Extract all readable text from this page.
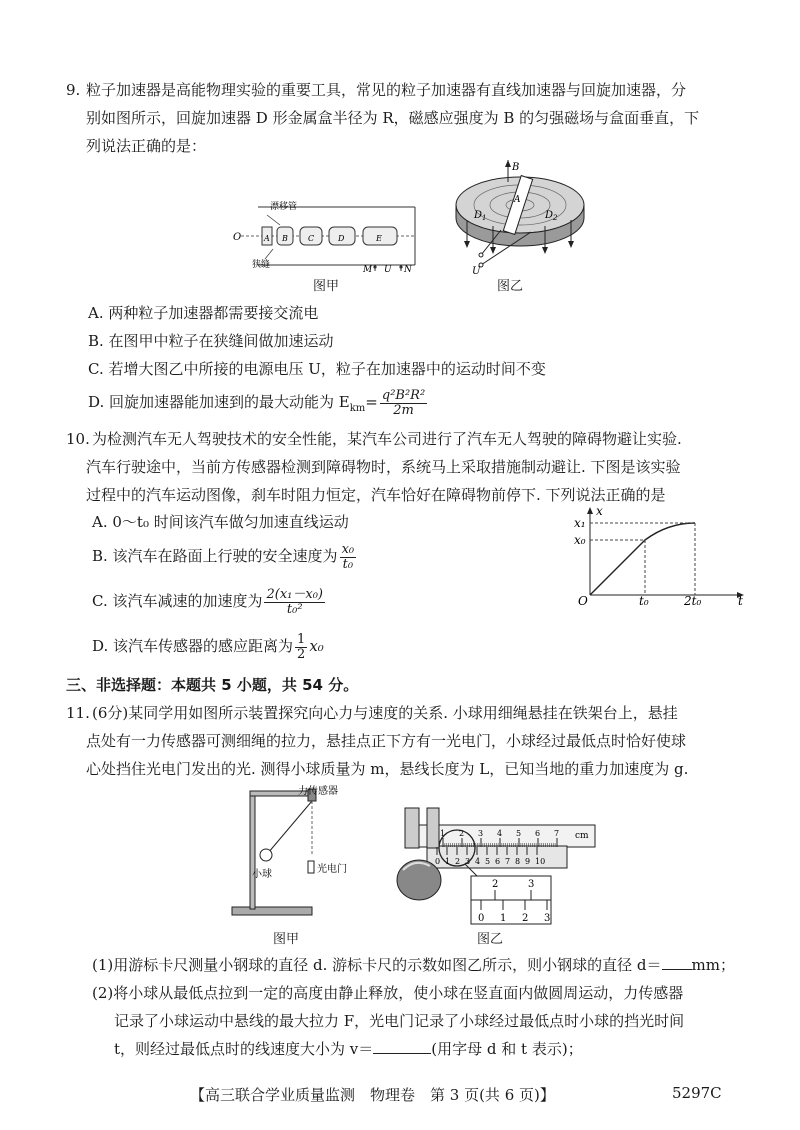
9. 粒子加速器是高能物理实验的重要工具，常见的粒子加速器有直线加速器与回旋加速器，分
别如图所示，回旋加速器 D 形金属盒半径为 R，磁感应强度为 B 的匀强磁场与盒面垂直，下
列说法正确的是：
漂移管
狭缝
O	A B	C	D	E
M U N
图甲
B
A
$D_1$	$D_2$
U
图乙
A. 两种粒子加速器都需要接交流电
B. 在图甲中粒子在狭缝间做加速运动
C. 若增大图乙中所接的电源电压 U，粒子在加速器中的运动时间不变
D. 回旋加速器能加速到的最大动能为 $E_{km}= \frac{\text{q²B²R²}}{2m}$
10. 为检测汽车无人驾驶技术的安全性能，某汽车公司进行了汽车无人驾驶的障碍物避让实验.
汽车行驶途中，当前方传感器检测到障碍物时，系统马上采取措施制动避让. 下图是该实验
过程中的汽车运动图像，刹车时阻力恒定，汽车恰好在障碍物前停下. 下列说法正确的是
A. 0～t₀ 时间该汽车做匀加速直线运动
B. 该汽车在路面上行驶的安全速度为 $\frac{\text{x₀}}{\text{t₀}}$
C. 该汽车减速的加速度为 $\frac{\text{2(x₁－x₀)}}{\text{t₀²}}$
D. 该汽车传感器的感应距离为 $\frac{1}{2} x_0$
x
x₁
x₀
O	t₀	2t₀	t
三、非选择题：本题共 5 小题，共 54 分。
11. (6分)某同学用如图所示装置探究向心力与速度的关系. 小球用细绳悬挂在铁架台上，悬挂
点处有一力传感器可测细绳的拉力，悬挂点正下方有一光电门，小球经过最低点时恰好使球
心处挡住光电门发出的光. 测得小球质量为 m，悬线长度为 L，已知当地的重力加速度为 g.
力传感器
小球	光电门
图甲
cm
1 2 3 4 5 6 7
0 1 2 3 4 5 6 7 8 9 10
2	3
0 1 2 3
图乙
(1)用游标卡尺测量小钢球的直径 d. 游标卡尺的示数如图乙所示，则小钢球的直径 d＝ mm；
(2)将小球从最低点拉到一定的高度由静止释放，使小球在竖直面内做圆周运动，力传感器
记录了小球运动中悬线的最大拉力 F，光电门记录了小球经过最低点时小球的挡光时间
t，则经过最低点时的线速度大小为 v＝	(用字母 d 和 t 表示)；
【高三联合学业质量监测　物理卷　第 3 页(共 6 页)】	5297C
